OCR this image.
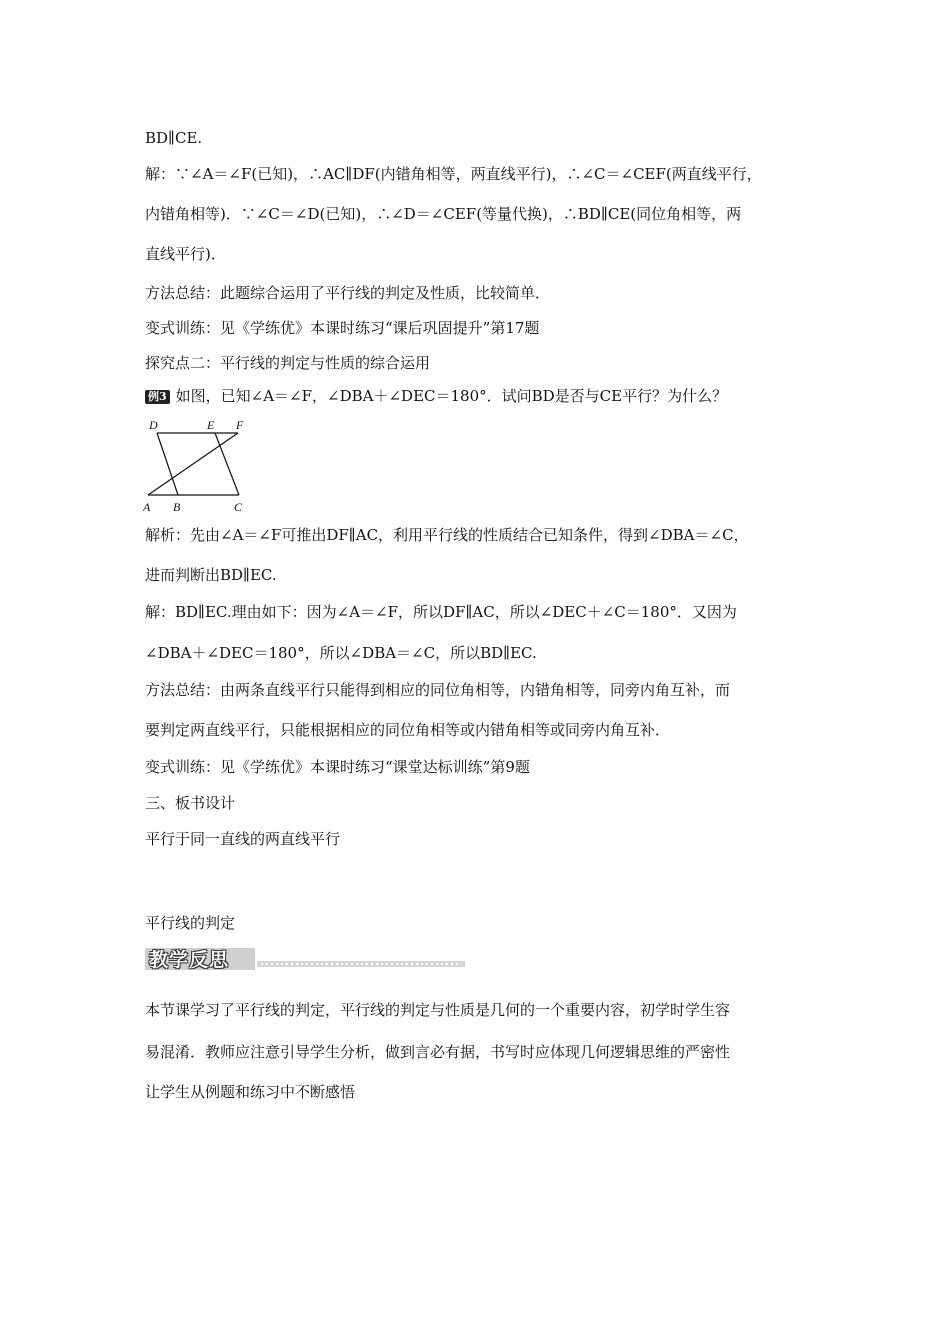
BD∥CE.
解：∵∠A＝∠F(已知)，∴AC∥DF(内错角相等，两直线平行)，∴∠C＝∠CEF(两直线平行，
内错角相等)．∵∠C＝∠D(已知)，∴∠D＝∠CEF(等量代换)，∴BD∥CE(同位角相等，两
直线平行)．
方法总结：此题综合运用了平行线的判定及性质，比较简单．
变式训练：见《学练优》本课时练习“课后巩固提升”第17题
探究点二：平行线的判定与性质的综合运用
例3 如图，已知∠A＝∠F，∠DBA＋∠DEC＝180°．试问BD是否与CE平行？为什么？
D	E F
A B	C
解析：先由∠A＝∠F可推出DF∥AC，利用平行线的性质结合已知条件，得到∠DBA＝∠C，
进而判断出BD∥EC.
解：BD∥EC.理由如下：因为∠A＝∠F，所以DF∥AC，所以∠DEC＋∠C＝180°．又因为
∠DBA＋∠DEC＝180°，所以∠DBA＝∠C，所以BD∥EC.
方法总结：由两条直线平行只能得到相应的同位角相等，内错角相等，同旁内角互补，而
要判定两直线平行，只能根据相应的同位角相等或内错角相等或同旁内角互补．
变式训练：见《学练优》本课时练习“课堂达标训练”第9题
三、板书设计
平行于同一直线的两直线平行
平行线的判定
教学反思
本节课学习了平行线的判定，平行线的判定与性质是几何的一个重要内容，初学时学生容
易混淆．教师应注意引导学生分析，做到言必有据，书写时应体现几何逻辑思维的严密性
让学生从例题和练习中不断感悟
